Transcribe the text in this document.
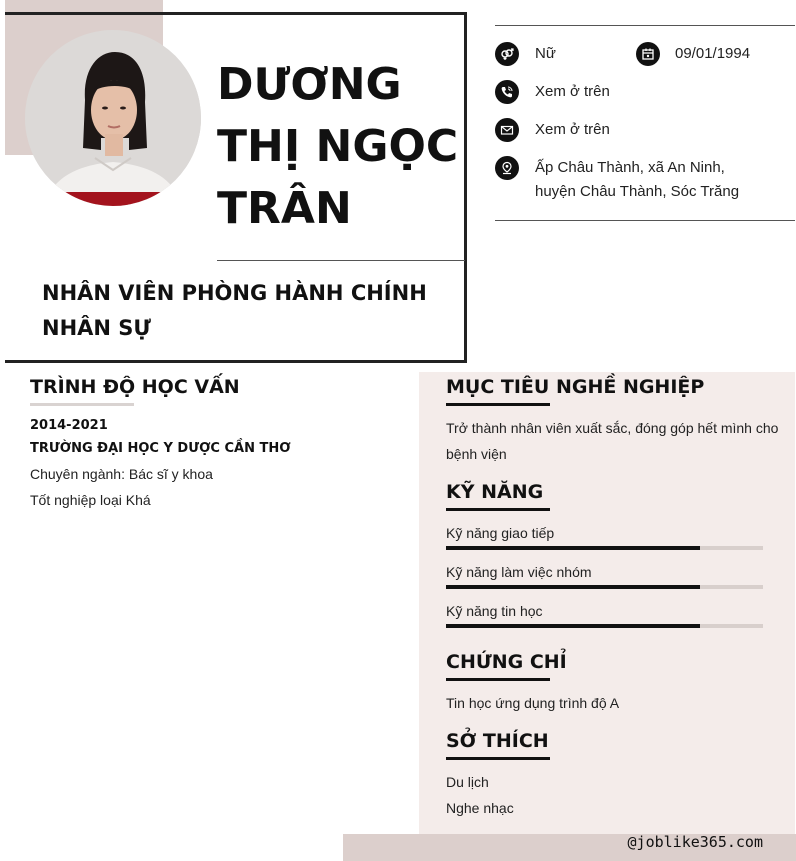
DƯƠNG
THỊ NGỌC
TRÂN
NHÂN VIÊN PHÒNG HÀNH CHÍNH
NHÂN SỰ
Nữ	09/01/1994
Xem ở trên
Xem ở trên
Ấp Châu Thành, xã An Ninh,
huyện Châu Thành, Sóc Trăng
TRÌNH ĐỘ HỌC VẤN
2014-2021
TRƯỜNG ĐẠI HỌC Y DƯỢC CẦN THƠ
Chuyên ngành: Bác sĩ y khoa
Tốt nghiệp loại Khá
MỤC TIÊU NGHỀ NGHIỆP
Trở thành nhân viên xuất sắc, đóng góp hết mình cho
bệnh viện
KỸ NĂNG
Kỹ năng giao tiếp
Kỹ năng làm việc nhóm
Kỹ năng tin học
CHỨNG CHỈ
Tin học ứng dụng trình độ A
SỞ THÍCH
Du lịch
Nghe nhạc
@joblike365.com
